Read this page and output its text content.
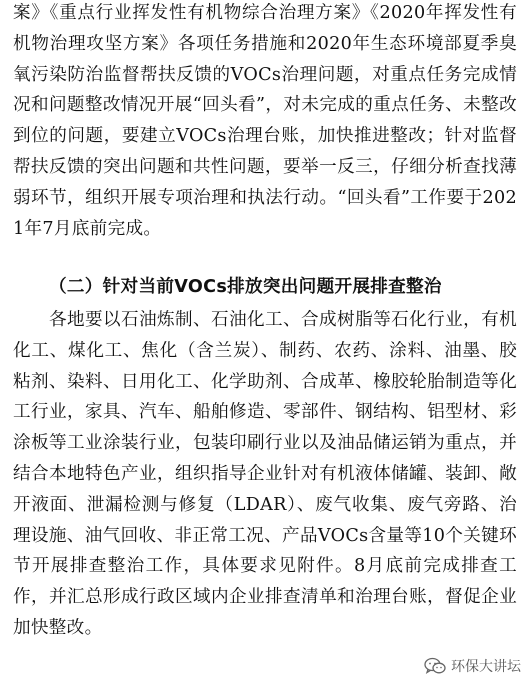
案》《重点行业挥发性有机物综合治理方案》《2020年挥发性有机物治理攻坚方案》各项任务措施和2020年生态环境部夏季臭氧污染防治监督帮扶反馈的VOCs治理问题，对重点任务完成情况和问题整改情况开展“回头看”，对未完成的重点任务、未整改到位的问题，要建立VOCs治理台账，加快推进整改；针对监督帮扶反馈的突出问题和共性问题，要举一反三，仔细分析查找薄弱环节，组织开展专项治理和执法行动。“回头看”工作要于2021年7月底前完成。

（二）针对当前VOCs排放突出问题开展排查整治

各地要以石油炼制、石油化工、合成树脂等石化行业，有机化工、煤化工、焦化（含兰炭）、制药、农药、涂料、油墨、胶粘剂、染料、日用化工、化学助剂、合成革、橡胶轮胎制造等化工行业，家具、汽车、船舶修造、零部件、钢结构、铝型材、彩涂板等工业涂装行业，包装印刷行业以及油品储运销为重点，并结合本地特色产业，组织指导企业针对有机液体储罐、装卸、敞开液面、泄漏检测与修复（LDAR）、废气收集、废气旁路、治理设施、油气回收、非正常工况、产品VOCs含量等10个关键环节开展排查整治工作，具体要求见附件。8月底前完成排查工作，并汇总形成行政区域内企业排查清单和治理台账，督促企业加快整改。

环保大讲坛
